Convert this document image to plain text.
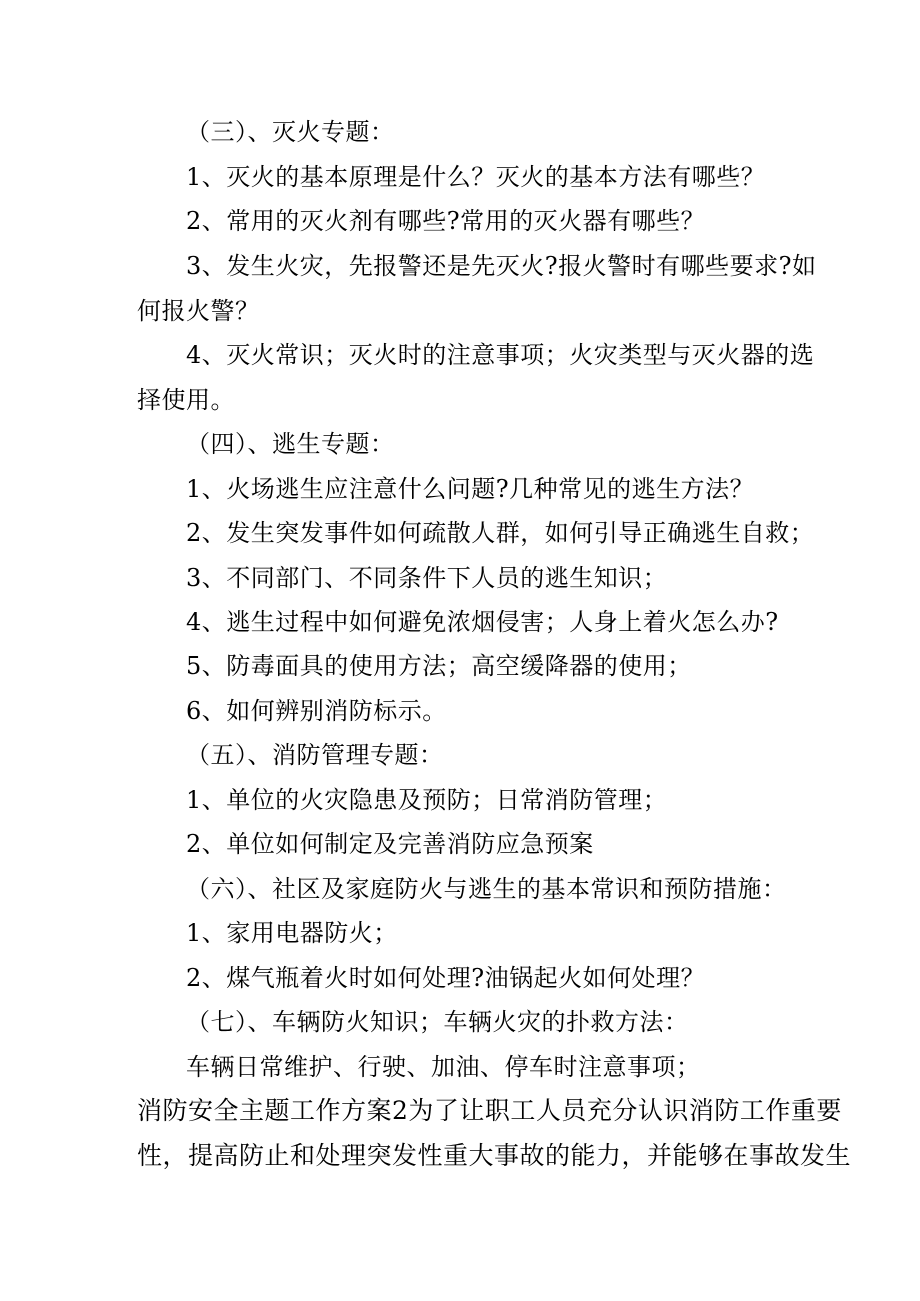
（三）、灭火专题：
1、灭火的基本原理是什么？灭火的基本方法有哪些？
2、常用的灭火剂有哪些?常用的灭火器有哪些？
3、发生火灾，先报警还是先灭火?报火警时有哪些要求?如
何报火警？
4、灭火常识；灭火时的注意事项；火灾类型与灭火器的选
择使用。
（四）、逃生专题：
1、火场逃生应注意什么问题?几种常见的逃生方法？
2、发生突发事件如何疏散人群，如何引导正确逃生自救；
3、不同部门、不同条件下人员的逃生知识；
4、逃生过程中如何避免浓烟侵害；人身上着火怎么办?
5、防毒面具的使用方法；高空缓降器的使用；
6、如何辨别消防标示。
（五）、消防管理专题：
1、单位的火灾隐患及预防；日常消防管理；
2、单位如何制定及完善消防应急预案
（六）、社区及家庭防火与逃生的基本常识和预防措施：
1、家用电器防火；
2、煤气瓶着火时如何处理?油锅起火如何处理？
（七）、车辆防火知识；车辆火灾的扑救方法：
车辆日常维护、行驶、加油、停车时注意事项；
消防安全主题工作方案2为了让职工人员充分认识消防工作重要
性，提高防止和处理突发性重大事故的能力，并能够在事故发生
